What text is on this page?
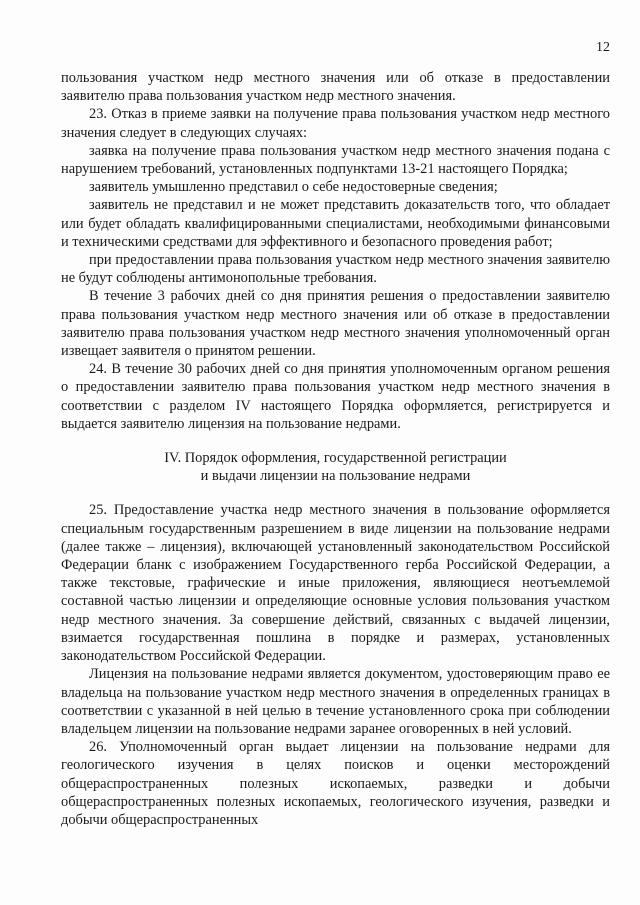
12

пользования участком недр местного значения или об отказе в предоставлении заявителю права пользования участком недр местного значения.

23. Отказ в приеме заявки на получение права пользования участком недр местного значения следует в следующих случаях:

заявка на получение права пользования участком недр местного значения подана с нарушением требований, установленных подпунктами 13-21 настоящего Порядка;

заявитель умышленно представил о себе недостоверные сведения;

заявитель не представил и не может представить доказательств того, что обладает или будет обладать квалифицированными специалистами, необходимыми финансовыми и техническими средствами для эффективного и безопасного проведения работ;

при предоставлении права пользования участком недр местного значения заявителю не будут соблюдены антимонопольные требования.

В течение 3 рабочих дней со дня принятия решения о предоставлении заявителю права пользования участком недр местного значения или об отказе в предоставлении заявителю права пользования участком недр местного значения уполномоченный орган извещает заявителя о принятом решении.

24. В течение 30 рабочих дней со дня принятия уполномоченным органом решения о предоставлении заявителю права пользования участком недр местного значения в соответствии с разделом IV настоящего Порядка оформляется, регистрируется и выдается заявителю лицензия на пользование недрами.

IV. Порядок оформления, государственной регистрации
и выдачи лицензии на пользование недрами

25. Предоставление участка недр местного значения в пользование оформляется специальным государственным разрешением в виде лицензии на пользование недрами (далее также – лицензия), включающей установленный законодательством Российской Федерации бланк с изображением Государственного герба Российской Федерации, а также текстовые, графические и иные приложения, являющиеся неотъемлемой составной частью лицензии и определяющие основные условия пользования участком недр местного значения. За совершение действий, связанных с выдачей лицензии, взимается государственная пошлина в порядке и размерах, установленных законодательством Российской Федерации.

Лицензия на пользование недрами является документом, удостоверяющим право ее владельца на пользование участком недр местного значения в определенных границах в соответствии с указанной в ней целью в течение установленного срока при соблюдении владельцем лицензии на пользование недрами заранее оговоренных в ней условий.

26. Уполномоченный орган выдает лицензии на пользование недрами для геологического изучения в целях поисков и оценки месторождений общераспространенных полезных ископаемых, разведки и добычи общераспространенных полезных ископаемых, геологического изучения, разведки и добычи общераспространенных
